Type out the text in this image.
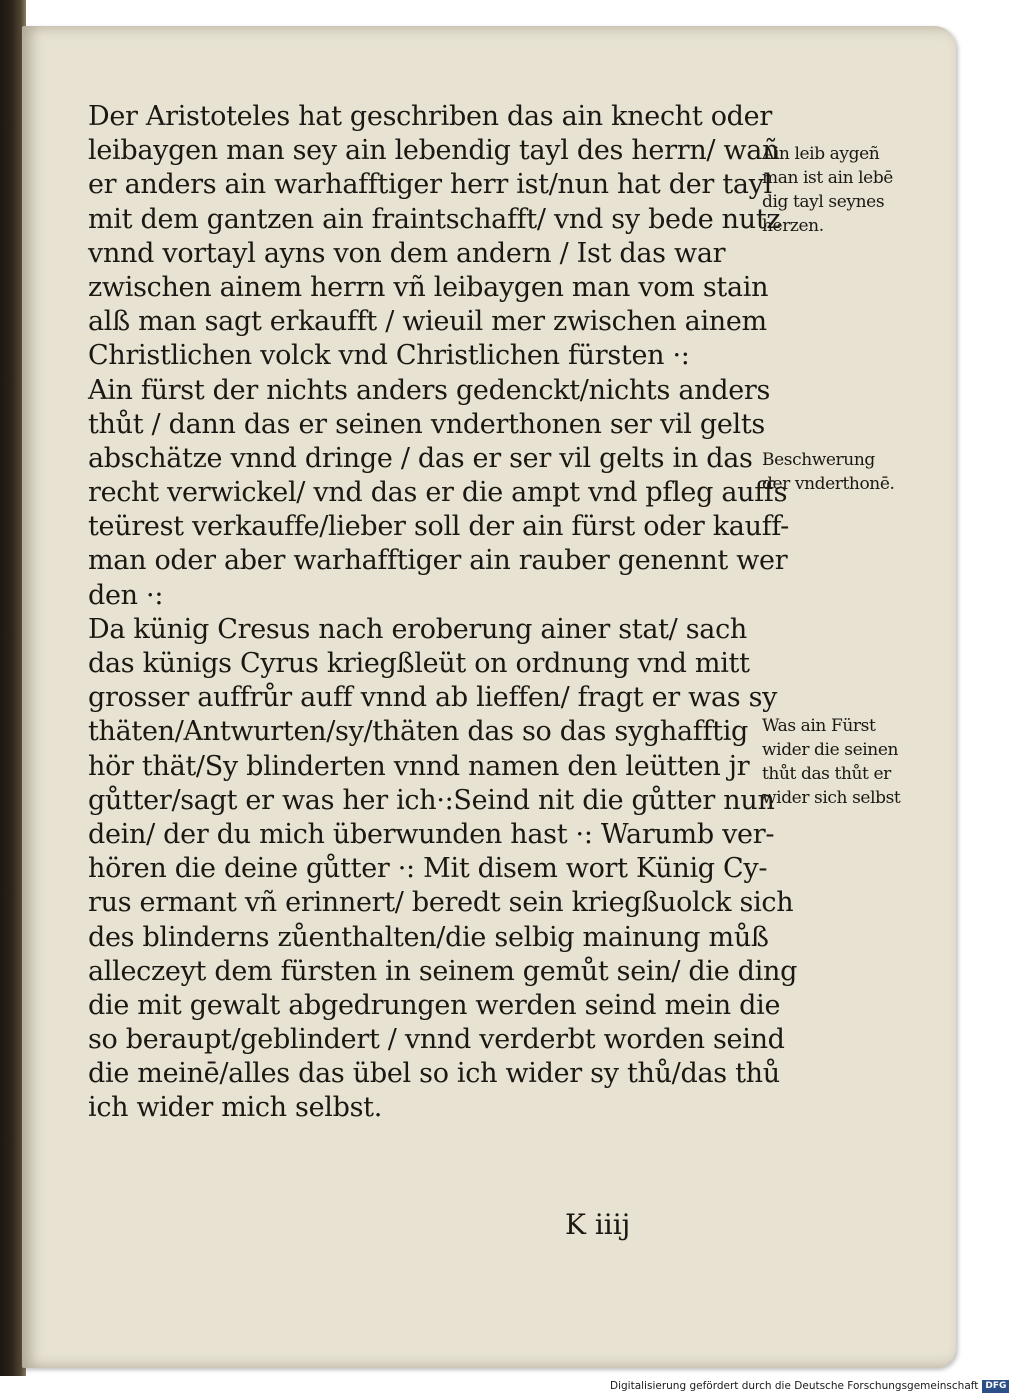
Der Aristoteles hat geschriben das ain knecht oder
leibaygen man sey ain lebendig tayl des herrn/ wañ
er anders ain warhafftiger herr ist/nun hat der tayl
mit dem gantzen ain fraintschafft/ vnd sy bede nutz
vnnd vortayl ayns von dem andern / Ist das war
zwischen ainem herrn vñ leibaygen man vom stain
alß man sagt erkaufft / wieuil mer zwischen ainem
Christlichen volck vnd Christlichen fürsten ·:
Ain fürst der nichts anders gedenckt/nichts anders
thůt / dann das er seinen vnderthonen ser vil gelts
abschätze vnnd dringe / das er ser vil gelts in das
recht verwickel/ vnd das er die ampt vnd pfleg auffs
teürest verkauffe/lieber soll der ain fürst oder kauff-
man oder aber warhafftiger ain rauber genennt wer
den ·:
Da künig Cresus nach eroberung ainer stat/ sach
das künigs Cyrus kriegßleüt on ordnung vnd mitt
grosser auffrůr auff vnnd ab lieffen/ fragt er was sy
thäten/Antwurten/sy/thäten das so das syghafftig
hör thät/Sy blinderten vnnd namen den leütten jr
gůtter/sagt er was her ich·:Seind nit die gůtter nun
dein/ der du mich überwunden hast ·: Warumb ver-
hören die deine gůtter ·: Mit disem wort Künig Cy-
rus ermant vñ erinnert/ beredt sein kriegßuolck sich
des blinderns zůenthalten/die selbig mainung můß
alleczeyt dem fürsten in seinem gemůt sein/ die ding
die mit gewalt abgedrungen werden seind mein die
so beraupt/geblindert / vnnd verderbt worden seind
die meinē/alles das übel so ich wider sy thů/das thů
ich wider mich selbst.
Ain leib aygeñ
man ist ain lebē
dig tayl seynes
herzen.
Beschwerung
der vnderthonē.
Was ain Fürst
wider die seinen
thůt das thůt er
wider sich selbst
K iiij
Digitalisierung gefördert durch die Deutsche Forschungsgemeinschaft DFG
